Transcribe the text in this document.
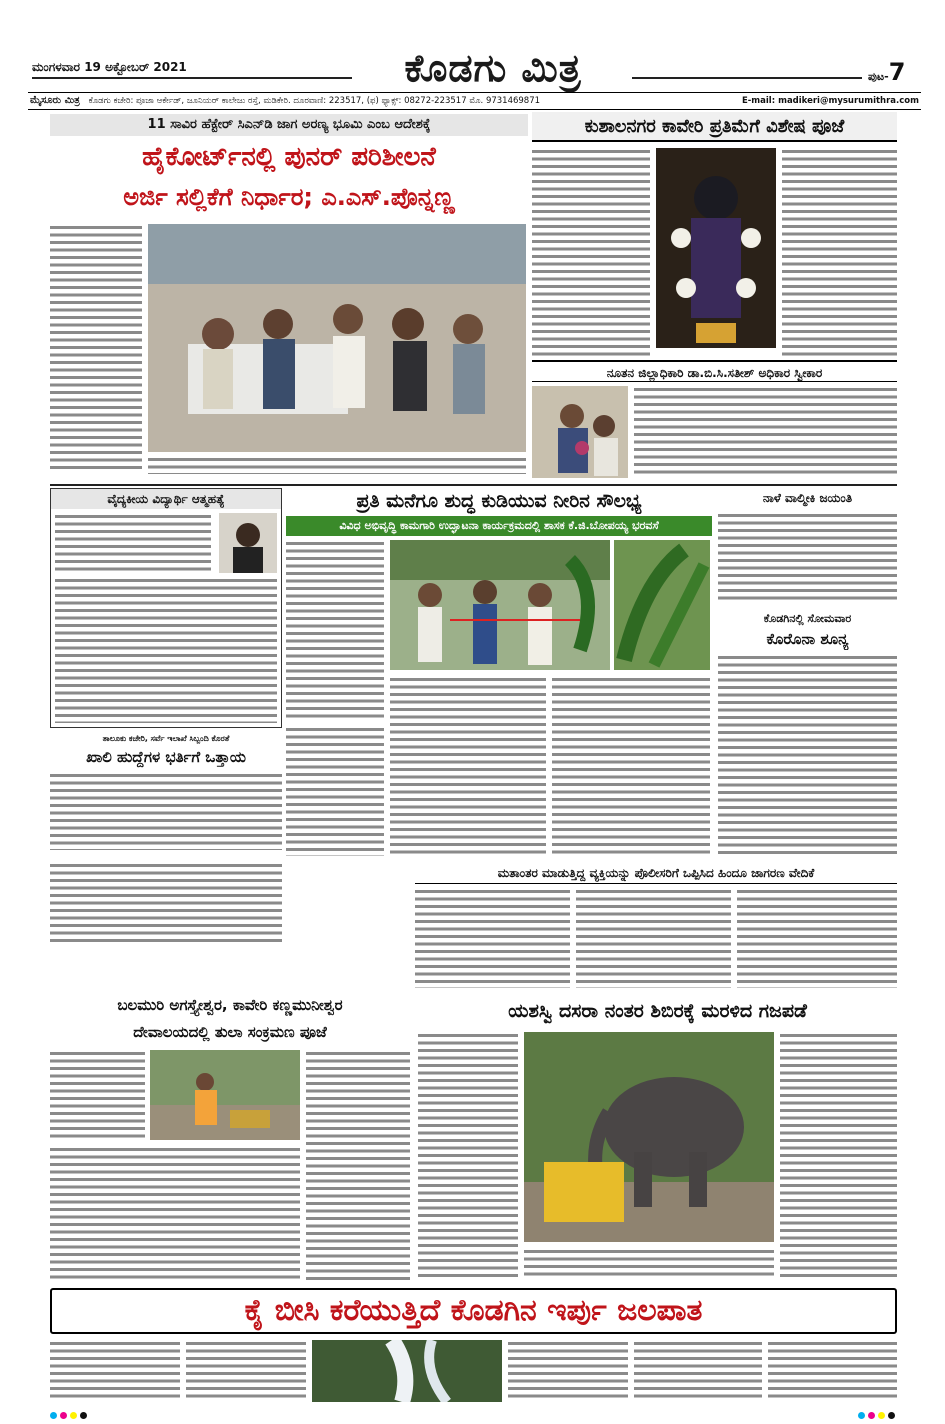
ಮಂಗಳವಾರ 19 ಅಕ್ಟೋಬರ್ 2021	ಕೊಡಗು ಮಿತ್ರ	ಪುಟ-7
ಮೈಸೂರು ಮಿತ್ರ ಕೊಡಗು ಕಚೇರಿ: ಪೂಜಾ ಆರ್ಕೇಡ್, ಜೂನಿಯರ್ ಕಾಲೇಜು ರಸ್ತೆ, ಮಡಿಕೇರಿ. ದೂರವಾಣಿ: 223517, (ಫ) ಫ್ಯಾಕ್ಸ್: 08272-223517 ಮೊ. 9731469871	E-mail: madikeri@mysurumithra.com
11 ಸಾವಿರ ಹೆಕ್ಟೇರ್ ಸಿಎನ್‌ಡಿ ಜಾಗ ಅರಣ್ಯ ಭೂಮಿ ಎಂಬ ಆದೇಶಕ್ಕೆ
ಹೈಕೋರ್ಟ್‌ನಲ್ಲಿ ಪುನರ್ ಪರಿಶೀಲನೆ
ಅರ್ಜಿ ಸಲ್ಲಿಕೆಗೆ ನಿರ್ಧಾರ; ಎ.ಎಸ್.ಪೊನ್ನಣ್ಣ
ಕುಶಾಲನಗರ ಕಾವೇರಿ ಪ್ರತಿಮೆಗೆ ವಿಶೇಷ ಪೂಜೆ
ನೂತನ ಜಿಲ್ಲಾಧಿಕಾರಿ ಡಾ.ಬಿ.ಸಿ.ಸತೀಶ್ ಅಧಿಕಾರ ಸ್ವೀಕಾರ
ವೈದ್ಯಕೀಯ ವಿದ್ಯಾರ್ಥಿ ಆತ್ಮಹತ್ಯೆ
ತಾಲೂಕು ಕಚೇರಿ, ಸರ್ವೆ ಇಲಾಖೆ ಸಿಬ್ಬಂದಿ ಕೊರತೆ
ಖಾಲಿ ಹುದ್ದೆಗಳ ಭರ್ತಿಗೆ ಒತ್ತಾಯ
ಪ್ರತಿ ಮನೆಗೂ ಶುದ್ಧ ಕುಡಿಯುವ ನೀರಿನ ಸೌಲಭ್ಯ
ವಿವಿಧ ಅಭಿವೃದ್ಧಿ ಕಾಮಗಾರಿ ಉದ್ಘಾಟನಾ ಕಾರ್ಯಕ್ರಮದಲ್ಲಿ ಶಾಸಕ ಕೆ.ಜಿ.ಬೋಪಯ್ಯ ಭರವಸೆ
ನಾಳೆ ವಾಲ್ಮೀಕಿ ಜಯಂತಿ
ಕೊಡಗಿನಲ್ಲಿ ಸೋಮವಾರ
ಕೊರೊನಾ ಶೂನ್ಯ
ಮತಾಂತರ ಮಾಡುತ್ತಿದ್ದ ವ್ಯಕ್ತಿಯನ್ನು ಪೊಲೀಸರಿಗೆ ಒಪ್ಪಿಸಿದ ಹಿಂದೂ ಜಾಗರಣ ವೇದಿಕೆ
ಬಲಮುರಿ ಅಗಸ್ತ್ಯೇಶ್ವರ, ಕಾವೇರಿ ಕಣ್ಣಮುನೀಶ್ವರ
ದೇವಾಲಯದಲ್ಲಿ ತುಲಾ ಸಂಕ್ರಮಣ ಪೂಜೆ
ಯಶಸ್ವಿ ದಸರಾ ನಂತರ ಶಿಬಿರಕ್ಕೆ ಮರಳಿದ ಗಜಪಡೆ
ಕೈ ಬೀಸಿ ಕರೆಯುತ್ತಿದೆ ಕೊಡಗಿನ ಇರ್ಪು ಜಲಪಾತ
